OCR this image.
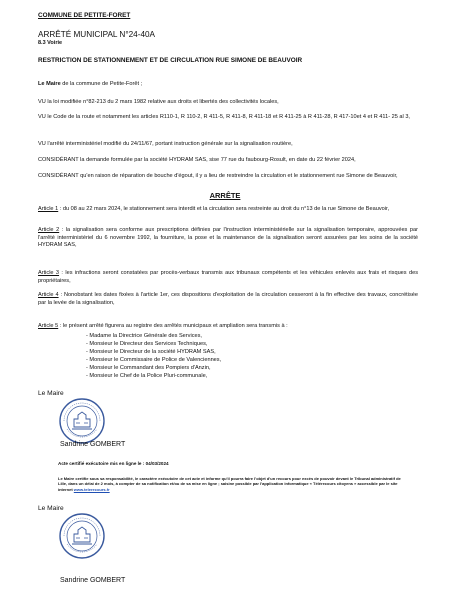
COMMUNE DE PETITE-FORET
ARRÊTÉ MUNICIPAL N°24-40A
8.3 Voirie
RESTRICTION DE STATIONNEMENT ET DE CIRCULATION RUE SIMONE DE BEAUVOIR

Le Maire de la commune de Petite-Forêt ;

VU la loi modifiée n°82-213 du 2 mars 1982 relative aux droits et libertés des collectivités locales,

VU le Code de la route et notamment les articles R110-1, R 110-2, R 411-5, R 411-8, R 411-18 et R 411-25 à R 411-28, R 417-10et 4 et R 411- 25 al 3,

VU l'arrêté interministériel modifié du 24/11/67, portant instruction générale sur la signalisation routière,

CONSIDÉRANT la demande formulée par la société HYDRAM SAS, sise 77 rue du faubourg-Rosult, en date du 22 février 2024,

CONSIDÉRANT qu'en raison de réparation de bouche d'égout, il y a lieu de restreindre la circulation et le stationnement rue Simone de Beauvoir,

ARRÊTE

Article 1 : du 08 au 22 mars 2024, le stationnement sera interdit et la circulation sera restreinte au droit du n°13 de la rue Simone de Beauvoir,

Article 2 : la signalisation sera conforme aux prescriptions définies par l'instruction interministérielle sur la signalisation temporaire, approuvées par l'arrêté interministériel du 6 novembre 1992, la fourniture, la pose et la maintenance de la signalisation seront assurées par les soins de la société HYDRAM SAS,

Article 3 : les infractions seront constatées par procès-verbaux transmis aux tribunaux compétents et les véhicules enlevés aux frais et risques des propriétaires,

Article 4 : Nonobstant les dates fixées à l'article 1er, ces dispositions d'exploitation de la circulation cesseront à la fin effective des travaux, concrétisée par la levée de la signalisation,

Article 5 : le présent arrêté figurera au registre des arrêtés municipaux et ampliation sera transmis à :

- Madame la Directrice Générale des Services,
- Monsieur le Directeur des Services Techniques,
- Monsieur le Directeur de la société HYDRAM SAS,
- Monsieur le Commissaire de Police de Valenciennes,
- Monsieur le Commandant des Pompiers d'Anzin,
- Monsieur le Chef de la Police Pluri-communale,
Le Maire
Sandrine GOMBERT
Acte certifié exécutoire mis en ligne le : 04/03/2024

Le Maire certifie sous sa responsabilité, le caractère exécutoire de cet acte et informe qu'il pourra faire l'objet d'un recours pour excès de pouvoir devant le Tribunal administratif de Lille, dans un délai de 2 mois, à compter de sa notification et/ou de sa mise en ligne ; saisine possible par l'application informatique « Télérecours citoyens » accessible par le site internet www.telerecours.fr

Le Maire
Sandrine GOMBERT
